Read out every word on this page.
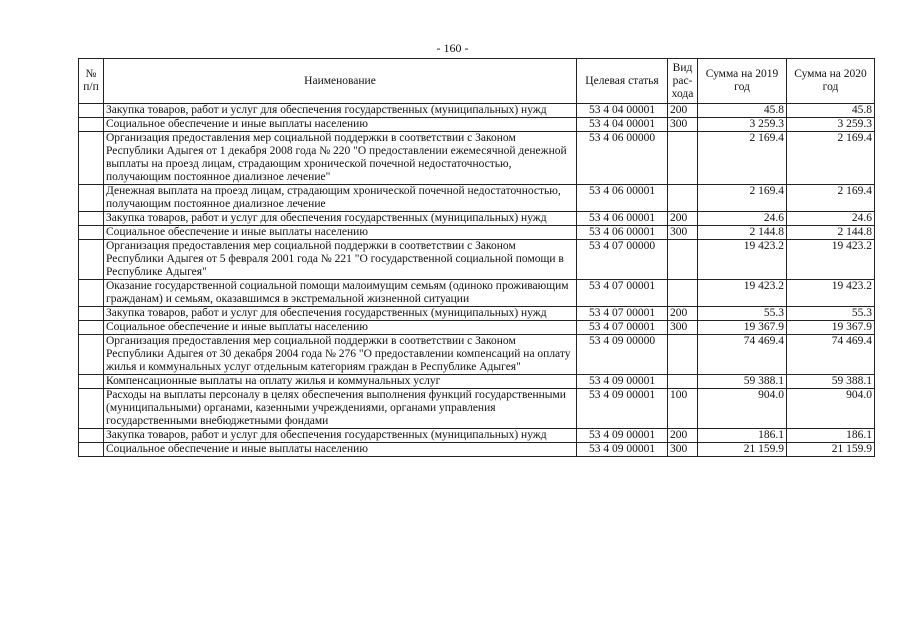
- 160 -
№ п/п	Наименование	Целевая статья	Вид рас-хода	Сумма на 2019 год	Сумма на 2020 год
	Закупка товаров, работ и услуг для обеспечения государственных (муниципальных) нужд	53 4 04 00001	200	45.8	45.8
	Социальное обеспечение и иные выплаты населению	53 4 04 00001	300	3 259.3	3 259.3
	Организация предоставления мер социальной поддержки в соответствии с Законом Республики Адыгея от 1 декабря 2008 года № 220 "О предоставлении ежемесячной денежной выплаты на проезд лицам, страдающим хронической почечной недостаточностью, получающим постоянное диализное лечение"	53 4 06 00000		2 169.4	2 169.4
	Денежная выплата на проезд лицам, страдающим хронической почечной недостаточностью, получающим постоянное диализное лечение	53 4 06 00001		2 169.4	2 169.4
	Закупка товаров, работ и услуг для обеспечения государственных (муниципальных) нужд	53 4 06 00001	200	24.6	24.6
	Социальное обеспечение и иные выплаты населению	53 4 06 00001	300	2 144.8	2 144.8
	Организация предоставления мер социальной поддержки в соответствии с Законом Республики Адыгея от 5 февраля 2001 года № 221 "О государственной социальной помощи в Республике Адыгея"	53 4 07 00000		19 423.2	19 423.2
	Оказание государственной социальной помощи малоимущим семьям (одиноко проживающим гражданам) и семьям, оказавшимся в экстремальной жизненной ситуации	53 4 07 00001		19 423.2	19 423.2
	Закупка товаров, работ и услуг для обеспечения государственных (муниципальных) нужд	53 4 07 00001	200	55.3	55.3
	Социальное обеспечение и иные выплаты населению	53 4 07 00001	300	19 367.9	19 367.9
	Организация предоставления мер социальной поддержки в соответствии с Законом Республики Адыгея от 30 декабря 2004 года № 276 "О предоставлении компенсаций на оплату жилья и коммунальных услуг отдельным категориям граждан в Республике Адыгея"	53 4 09 00000		74 469.4	74 469.4
	Компенсационные выплаты на оплату жилья и коммунальных услуг	53 4 09 00001		59 388.1	59 388.1
	Расходы на выплаты персоналу в целях обеспечения выполнения функций государственными (муниципальными) органами, казенными учреждениями, органами управления государственными внебюджетными фондами	53 4 09 00001	100	904.0	904.0
	Закупка товаров, работ и услуг для обеспечения государственных (муниципальных) нужд	53 4 09 00001	200	186.1	186.1
	Социальное обеспечение и иные выплаты населению	53 4 09 00001	300	21 159.9	21 159.9
